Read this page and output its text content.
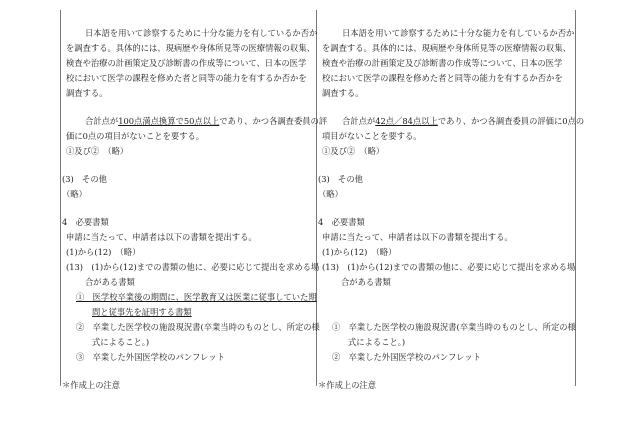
日本語を用いて診察するために十分な能力を有しているか否か
を調査する。具体的には、現病歴や身体所見等の医療情報の収集、
検査や治療の計画策定及び診断書の作成等について、日本の医学
校において医学の課程を修めた者と同等の能力を有するか否かを
調査する。
合計点が100点満点換算で50点以上であり、かつ各調査委員の評
価に0点の項目がないことを要する。
①及び②　（略）
(3)　その他
（略）
4　必要書類
申請に当たって、申請者は以下の書類を提出する。
(1)から(12)　（略）
(13)　(1)から(12)までの書類の他に、必要に応じて提出を求める場
合がある書類
①　医学校卒業後の期間に、医学教育又は医業に従事していた期
間と従事先を証明する書類
②　卒業した医学校の施設現況書(卒業当時のものとし、所定の様
式によること。)
③　卒業した外国医学校のパンフレット
＊作成上の注意
日本語を用いて診察するために十分な能力を有しているか否か
を調査する。具体的には、現病歴や身体所見等の医療情報の収集、
検査や治療の計画策定及び診断書の作成等について、日本の医学
校において医学の課程を修めた者と同等の能力を有するか否かを
調査する。
合計点が42点／84点以上であり、かつ各調査委員の評価に0点の
項目がないことを要する。
①及び②　（略）
(3)　その他
（略）
4　必要書類
申請に当たって、申請者は以下の書類を提出する。
(1)から(12)　（略）
(13)　(1)から(12)までの書類の他に、必要に応じて提出を求める場
合がある書類
①　卒業した医学校の施設現況書(卒業当時のものとし、所定の様
式によること。)
②　卒業した外国医学校のパンフレット
＊作成上の注意
